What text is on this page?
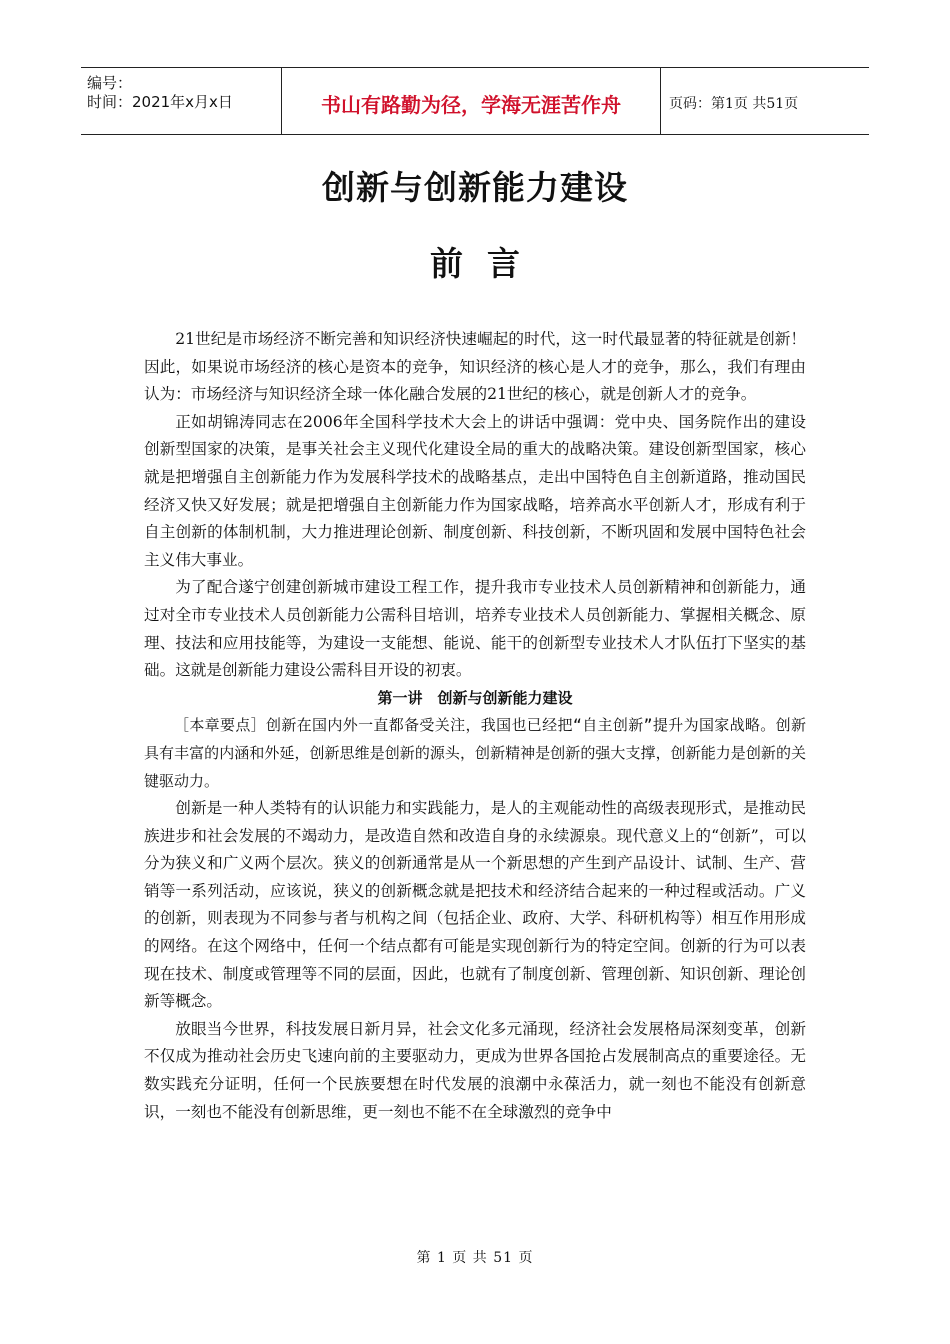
编号：
时间：2021年x月x日	书山有路勤为径，学海无涯苦作舟	页码：第1页 共51页
创新与创新能力建设
前言

21世纪是市场经济不断完善和知识经济快速崛起的时代，这一时代最显著的特征就是创新！因此，如果说市场经济的核心是资本的竞争，知识经济的核心是人才的竞争，那么，我们有理由认为：市场经济与知识经济全球一体化融合发展的21世纪的核心，就是创新人才的竞争。

正如胡锦涛同志在2006年全国科学技术大会上的讲话中强调：党中央、国务院作出的建设创新型国家的决策，是事关社会主义现代化建设全局的重大的战略决策。建设创新型国家，核心就是把增强自主创新能力作为发展科学技术的战略基点，走出中国特色自主创新道路，推动国民经济又快又好发展；就是把增强自主创新能力作为国家战略，培养高水平创新人才，形成有利于自主创新的体制机制，大力推进理论创新、制度创新、科技创新，不断巩固和发展中国特色社会主义伟大事业。

为了配合遂宁创建创新城市建设工程工作，提升我市专业技术人员创新精神和创新能力，通过对全市专业技术人员创新能力公需科目培训，培养专业技术人员创新能力、掌握相关概念、原理、技法和应用技能等，为建设一支能想、能说、能干的创新型专业技术人才队伍打下坚实的基础。这就是创新能力建设公需科目开设的初衷。

第一讲　创新与创新能力建设

［本章要点］创新在国内外一直都备受关注，我国也已经把“自主创新”提升为国家战略。创新具有丰富的内涵和外延，创新思维是创新的源头，创新精神是创新的强大支撑，创新能力是创新的关键驱动力。

创新是一种人类特有的认识能力和实践能力，是人的主观能动性的高级表现形式，是推动民族进步和社会发展的不竭动力，是改造自然和改造自身的永续源泉。现代意义上的“创新”，可以分为狭义和广义两个层次。狭义的创新通常是从一个新思想的产生到产品设计、试制、生产、营销等一系列活动，应该说，狭义的创新概念就是把技术和经济结合起来的一种过程或活动。广义的创新，则表现为不同参与者与机构之间（包括企业、政府、大学、科研机构等）相互作用形成的网络。在这个网络中，任何一个结点都有可能是实现创新行为的特定空间。创新的行为可以表现在技术、制度或管理等不同的层面，因此，也就有了制度创新、管理创新、知识创新、理论创新等概念。

放眼当今世界，科技发展日新月异，社会文化多元涌现，经济社会发展格局深刻变革，创新不仅成为推动社会历史飞速向前的主要驱动力，更成为世界各国抢占发展制高点的重要途径。无数实践充分证明，任何一个民族要想在时代发展的浪潮中永葆活力，就一刻也不能没有创新意识，一刻也不能没有创新思维，更一刻也不能不在全球激烈的竞争中

第 1 页 共 51 页
